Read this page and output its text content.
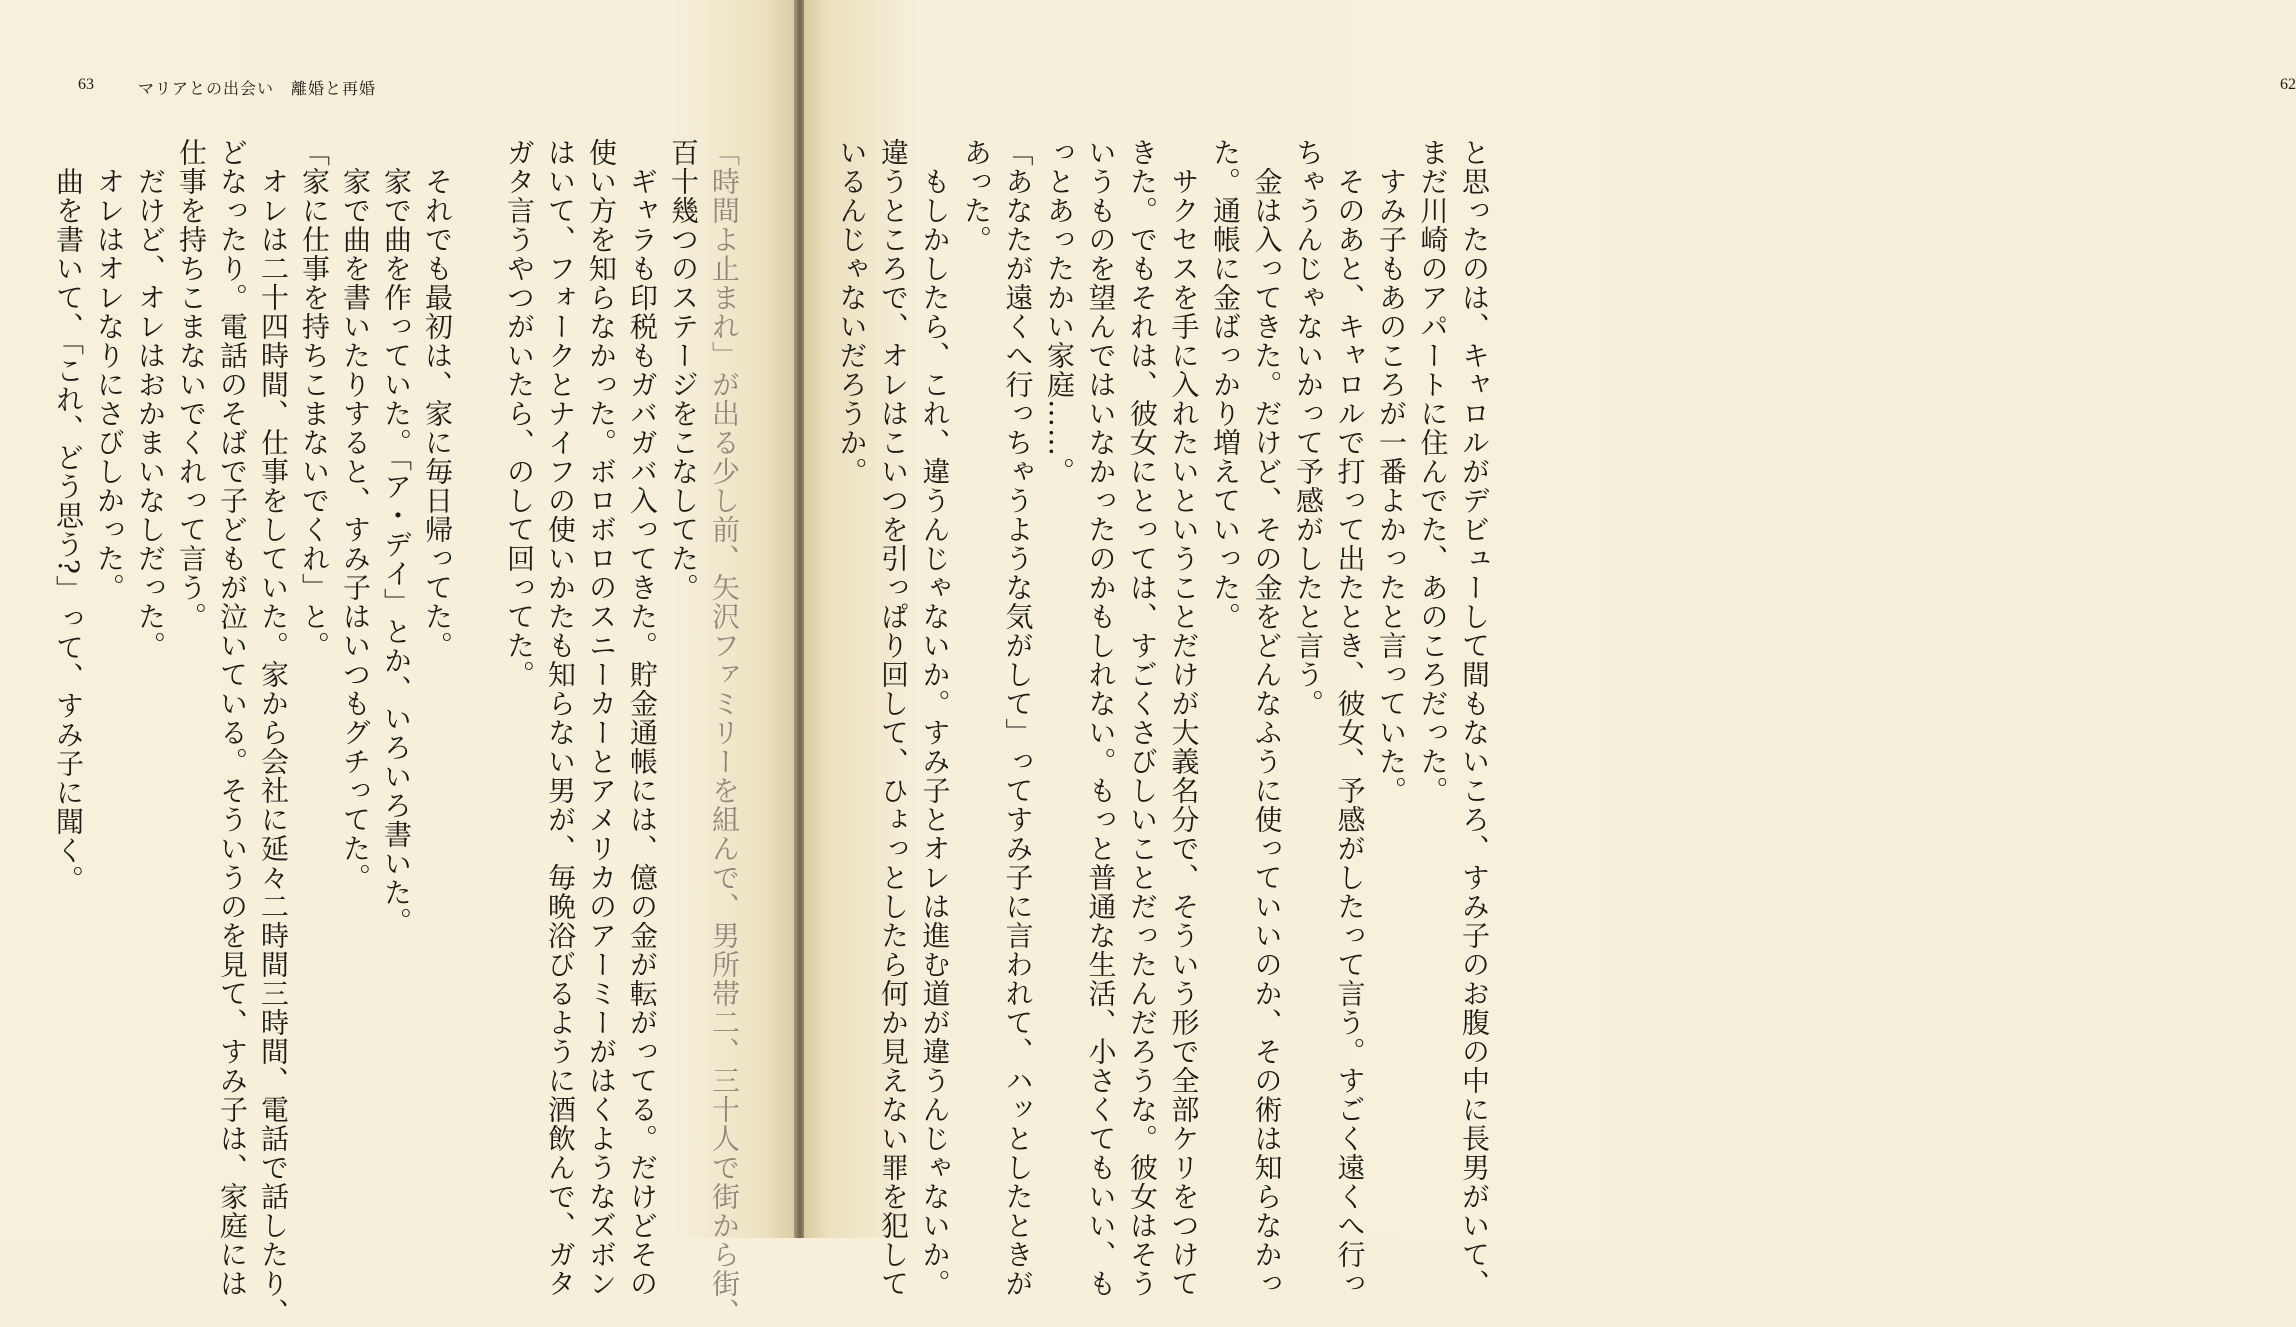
63	マリアとの出会い　離婚と再婚	62
「時間よ止まれ」が出る少し前、矢沢ファミリーを組んで、男所帯二、三十人で街から街、
百十幾つのステージをこなしてた。
　ギャラも印税もガバガバ入ってきた。貯金通帳には、億の金が転がってる。だけどその
使い方を知らなかった。ボロボロのスニーカーとアメリカのアーミーがはくようなズボン
はいて、フォークとナイフの使いかたも知らない男が、毎晩浴びるように酒飲んで、ガタ
ガタ言うやつがいたら、のして回ってた。
　それでも最初は、家に毎日帰ってた。
　家で曲を作っていた。「ア・デイ」とか、いろいろ書いた。
　家で曲を書いたりすると、すみ子はいつもグチってた。
「家に仕事を持ちこまないでくれ」と。
　オレは二十四時間、仕事をしていた。家から会社に延々二時間三時間、電話で話したり、
どなったり。電話のそばで子どもが泣いている。そういうのを見て、すみ子は、家庭には
仕事を持ちこまないでくれって言う。
　だけど、オレはおかまいなしだった。
　オレはオレなりにさびしかった。
　曲を書いて、「これ、どう思う?」って、すみ子に聞く。	と思ったのは、キャロルがデビューして間もないころ、すみ子のお腹の中に長男がいて、
まだ川崎のアパートに住んでた、あのころだった。
　すみ子もあのころが一番よかったと言っていた。
　そのあと、キャロルで打って出たとき、彼女、予感がしたって言う。すごく遠くへ行っ
ちゃうんじゃないかって予感がしたと言う。
　金は入ってきた。だけど、その金をどんなふうに使っていいのか、その術は知らなかっ
た。通帳に金ばっかり増えていった。
　サクセスを手に入れたいということだけが大義名分で、そういう形で全部ケリをつけて
きた。でもそれは、彼女にとっては、すごくさびしいことだったんだろうな。彼女はそう
いうものを望んではいなかったのかもしれない。もっと普通な生活、小さくてもいい、も
っとあったかい家庭……。
「あなたが遠くへ行っちゃうような気がして」ってすみ子に言われて、ハッとしたときが
あった。
　もしかしたら、これ、違うんじゃないか。すみ子とオレは進む道が違うんじゃないか。
違うところで、オレはこいつを引っぱり回して、ひょっとしたら何か見えない罪を犯して
いるんじゃないだろうか。
